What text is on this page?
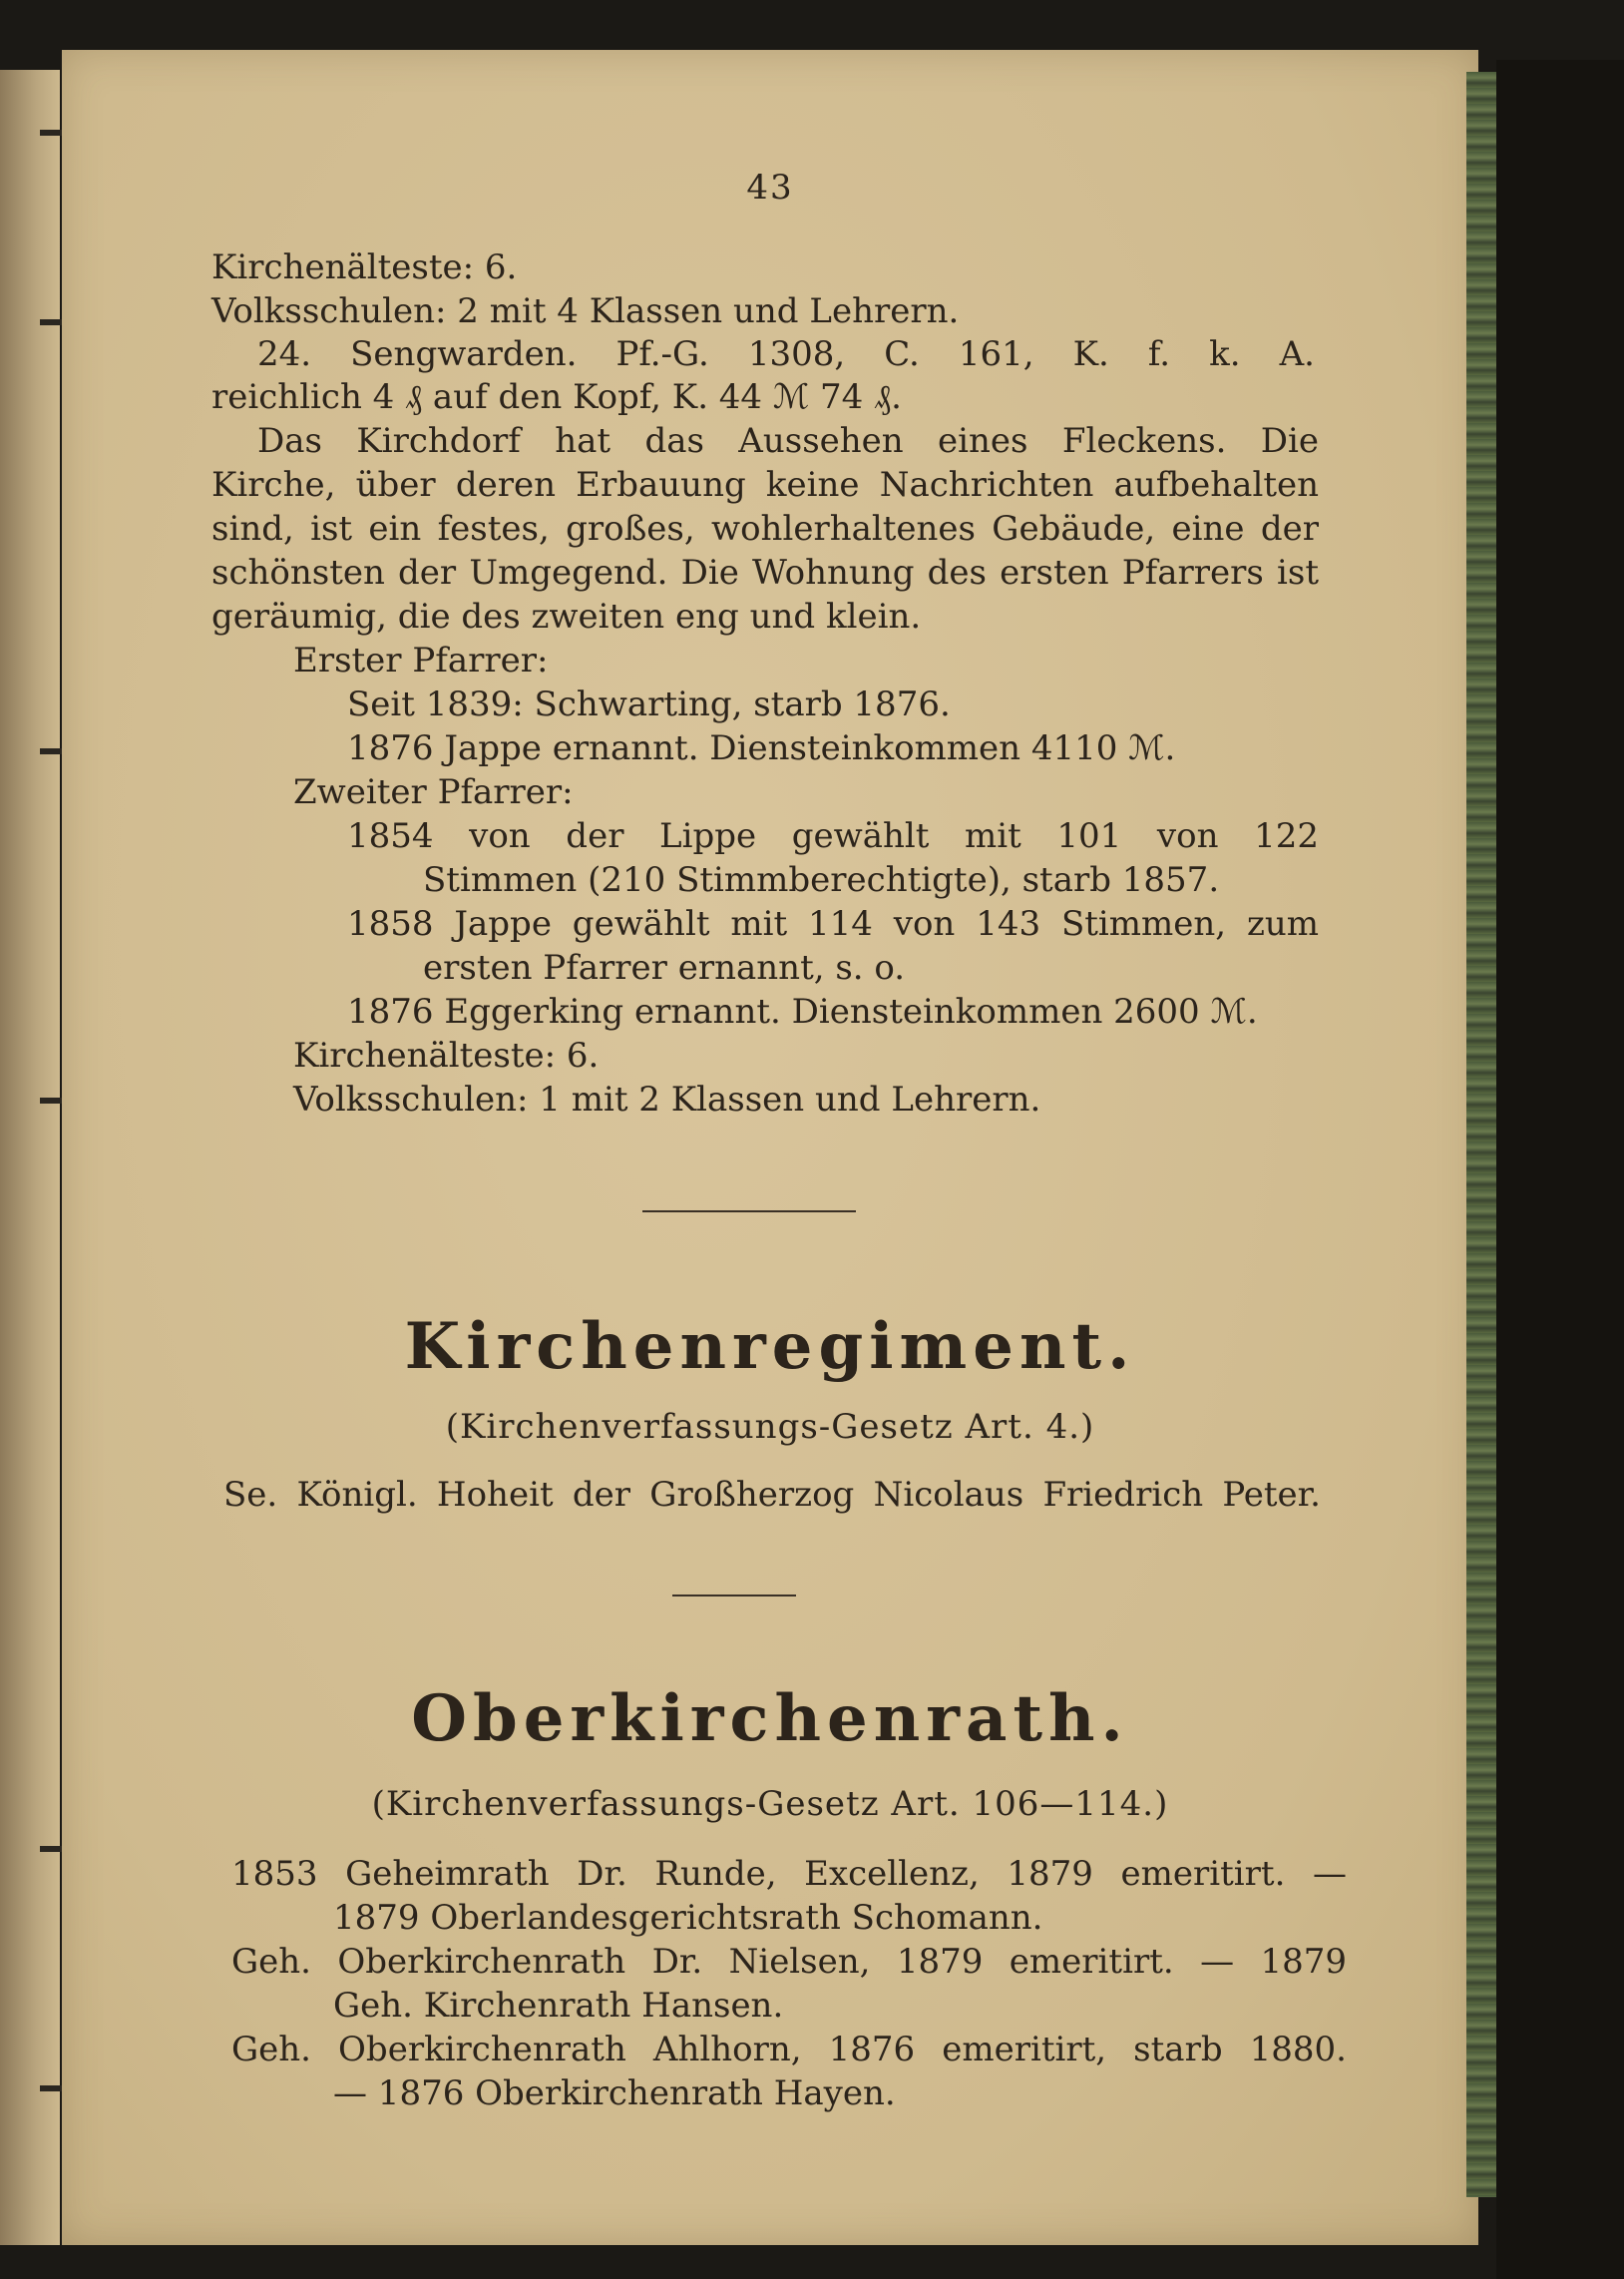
43
Kirchenälteste: 6.
Volksschulen: 2 mit 4 Klassen und Lehrern.
24. Sengwarden. Pf.-G. 1308, C. 161, K. f. k. A.
reichlich 4 ₰ auf den Kopf, K. 44 ℳ 74 ₰.
Das Kirchdorf hat das Aussehen eines Fleckens. Die
Kirche, über deren Erbauung keine Nachrichten aufbehalten
sind, ist ein festes, großes, wohlerhaltenes Gebäude, eine der
schönsten der Umgegend. Die Wohnung des ersten Pfarrers ist
geräumig, die des zweiten eng und klein.
Erster Pfarrer:
Seit 1839: Schwarting, starb 1876.
1876 Jappe ernannt. Diensteinkommen 4110 ℳ.
Zweiter Pfarrer:
1854 von der Lippe gewählt mit 101 von 122
Stimmen (210 Stimmberechtigte), starb 1857.
1858 Jappe gewählt mit 114 von 143 Stimmen, zum
ersten Pfarrer ernannt, s. o.
1876 Eggerking ernannt. Diensteinkommen 2600 ℳ.
Kirchenälteste: 6.
Volksschulen: 1 mit 2 Klassen und Lehrern.
Kirchenregiment.
(Kirchenverfassungs-Gesetz Art. 4.)
Se. Königl. Hoheit der Großherzog Nicolaus Friedrich Peter.
Oberkirchenrath.
(Kirchenverfassungs-Gesetz Art. 106—114.)
1853 Geheimrath Dr. Runde, Excellenz, 1879 emeritirt. —
1879 Oberlandesgerichtsrath Schomann.
Geh. Oberkirchenrath Dr. Nielsen, 1879 emeritirt. — 1879
Geh. Kirchenrath Hansen.
Geh. Oberkirchenrath Ahlhorn, 1876 emeritirt, starb 1880.
— 1876 Oberkirchenrath Hayen.
